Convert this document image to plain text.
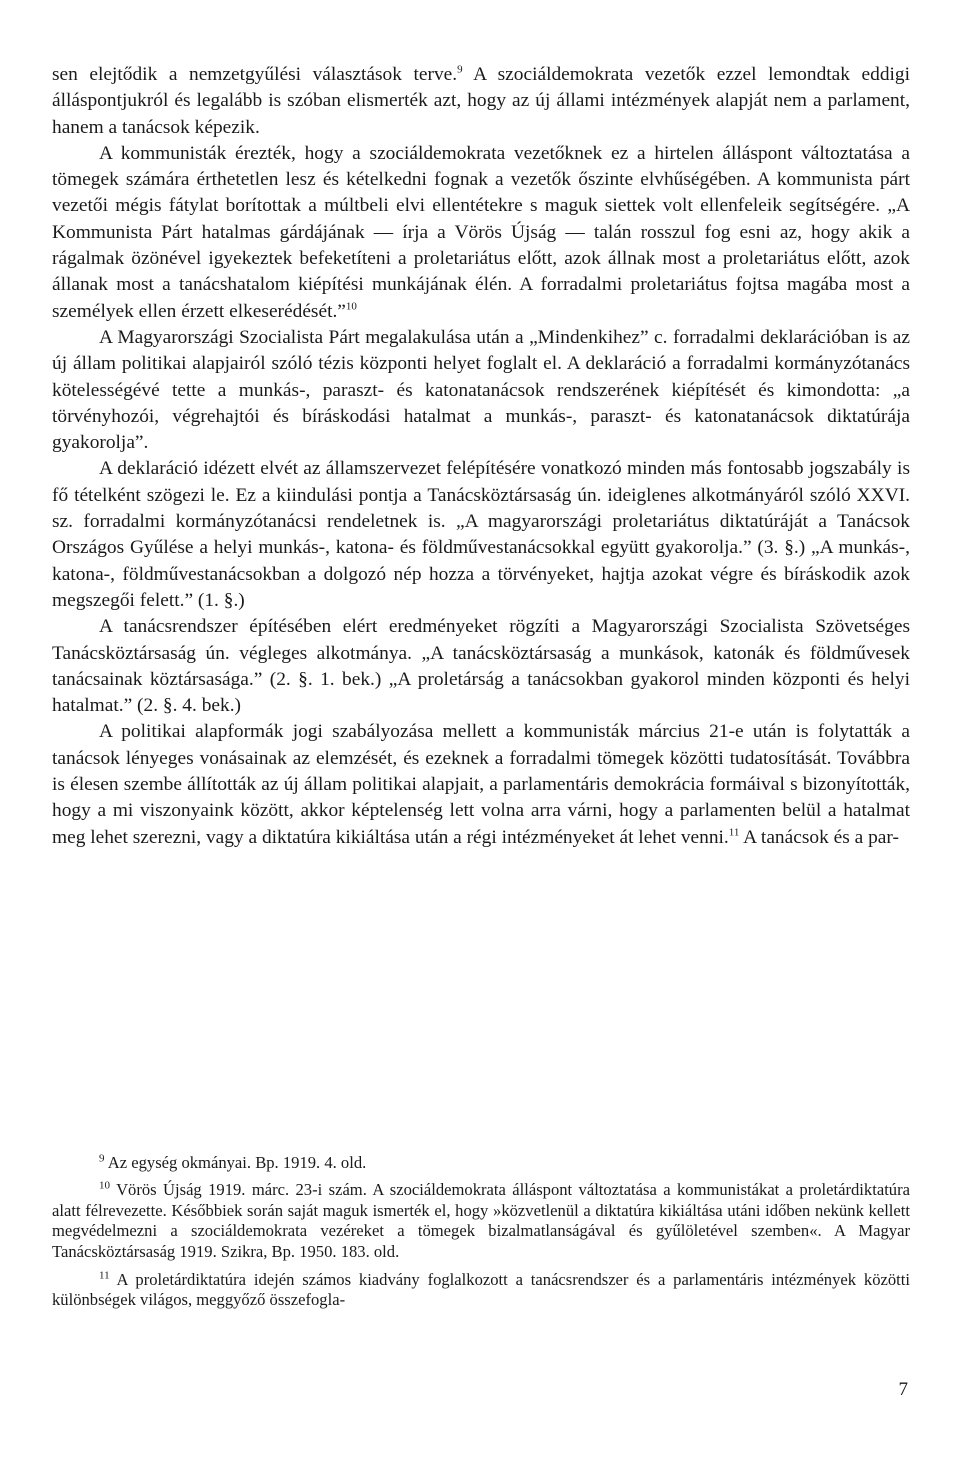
sen elejtődik a nemzetgyűlési választások terve.$^9$ A szociáldemokrata vezetők ezzel lemondtak eddigi álláspontjukról és legalább is szóban elismerték azt, hogy az új állami intézmények alapját nem a parlament, hanem a tanácsok képezik.

A kommunisták érezték, hogy a szociáldemokrata vezetőknek ez a hirtelen álláspont változtatása a tömegek számára érthetetlen lesz és kételkedni fognak a vezetők őszinte elvhűségében. A kommunista párt vezetői mégis fátylat borítottak a múltbeli elvi ellentétekre s maguk siettek volt ellenfeleik segítségére. „A Kommunista Párt hatalmas gárdájának — írja a Vörös Újság — talán rosszul fog esni az, hogy akik a rágalmak özönével igyekeztek befeketíteni a proletariátus előtt, azok állnak most a proletariátus előtt, azok állanak most a tanácshatalom kiépítési munkájának élén. A forradalmi proletariátus fojtsa magába most a személyek ellen érzett elkeserédését.”$^{10}$

A Magyarországi Szocialista Párt megalakulása után a „Mindenkihez” c. forradalmi deklarációban is az új állam politikai alapjairól szóló tézis központi helyet foglalt el. A deklaráció a forradalmi kormányzótanács kötelességévé tette a munkás-, paraszt- és katonatanácsok rendszerének kiépítését és kimondotta: „a törvényhozói, végrehajtói és bíráskodási hatalmat a munkás-, paraszt- és katonatanácsok diktatúrája gyakorolja”.

A deklaráció idézett elvét az államszervezet felépítésére vonatkozó minden más fontosabb jogszabály is fő tételként szögezi le. Ez a kiindulási pontja a Tanácsköztársaság ún. ideiglenes alkotmányáról szóló XXVI. sz. forradalmi kormányzótanácsi rendeletnek is. „A magyarországi proletariátus diktatúráját a Tanácsok Országos Gyűlése a helyi munkás-, katona- és földművestanácsokkal együtt gyakorolja.” (3. §.) „A munkás-, katona-, földművestanácsokban a dolgozó nép hozza a törvényeket, hajtja azokat végre és bíráskodik azok megszegői felett.” (1. §.)

A tanácsrendszer építésében elért eredményeket rögzíti a Magyarországi Szocialista Szövetséges Tanácsköztársaság ún. végleges alkotmánya. „A tanácsköztársaság a munkások, katonák és földművesek tanácsainak köztársasága.” (2. §. 1. bek.) „A proletárság a tanácsokban gyakorol minden központi és helyi hatalmat.” (2. §. 4. bek.)

A politikai alapformák jogi szabályozása mellett a kommunisták március 21-e után is folytatták a tanácsok lényeges vonásainak az elemzését, és ezeknek a forradalmi tömegek közötti tudatosítását. Továbbra is élesen szembe állították az új állam politikai alapjait, a parlamentáris demokrácia formáival s bizonyították, hogy a mi viszonyaink között, akkor képtelenség lett volna arra várni, hogy a parlamenten belül a hatalmat meg lehet szerezni, vagy a diktatúra kikiáltása után a régi intézményeket át lehet venni.$^{11}$ A tanácsok és a par-

$^9$ Az egység okmányai. Bp. 1919. 4. old.

$^{10}$ Vörös Újság 1919. márc. 23-i szám. A szociáldemokrata álláspont változtatása a kommunistákat a proletárdiktatúra alatt félrevezette. Későbbiek során saját maguk ismerték el, hogy »közvetlenül a diktatúra kikiáltása utáni időben nekünk kellett megvédelmezni a szociáldemokrata vezéreket a tömegek bizalmatlanságával és gyűlöletével szemben«. A Magyar Tanácsköztársaság 1919. Szikra, Bp. 1950. 183. old.

$^{11}$ A proletárdiktatúra idején számos kiadvány foglalkozott a tanácsrendszer és a parlamentáris intézmények közötti különbségek világos, meggyőző összefogla-

7
